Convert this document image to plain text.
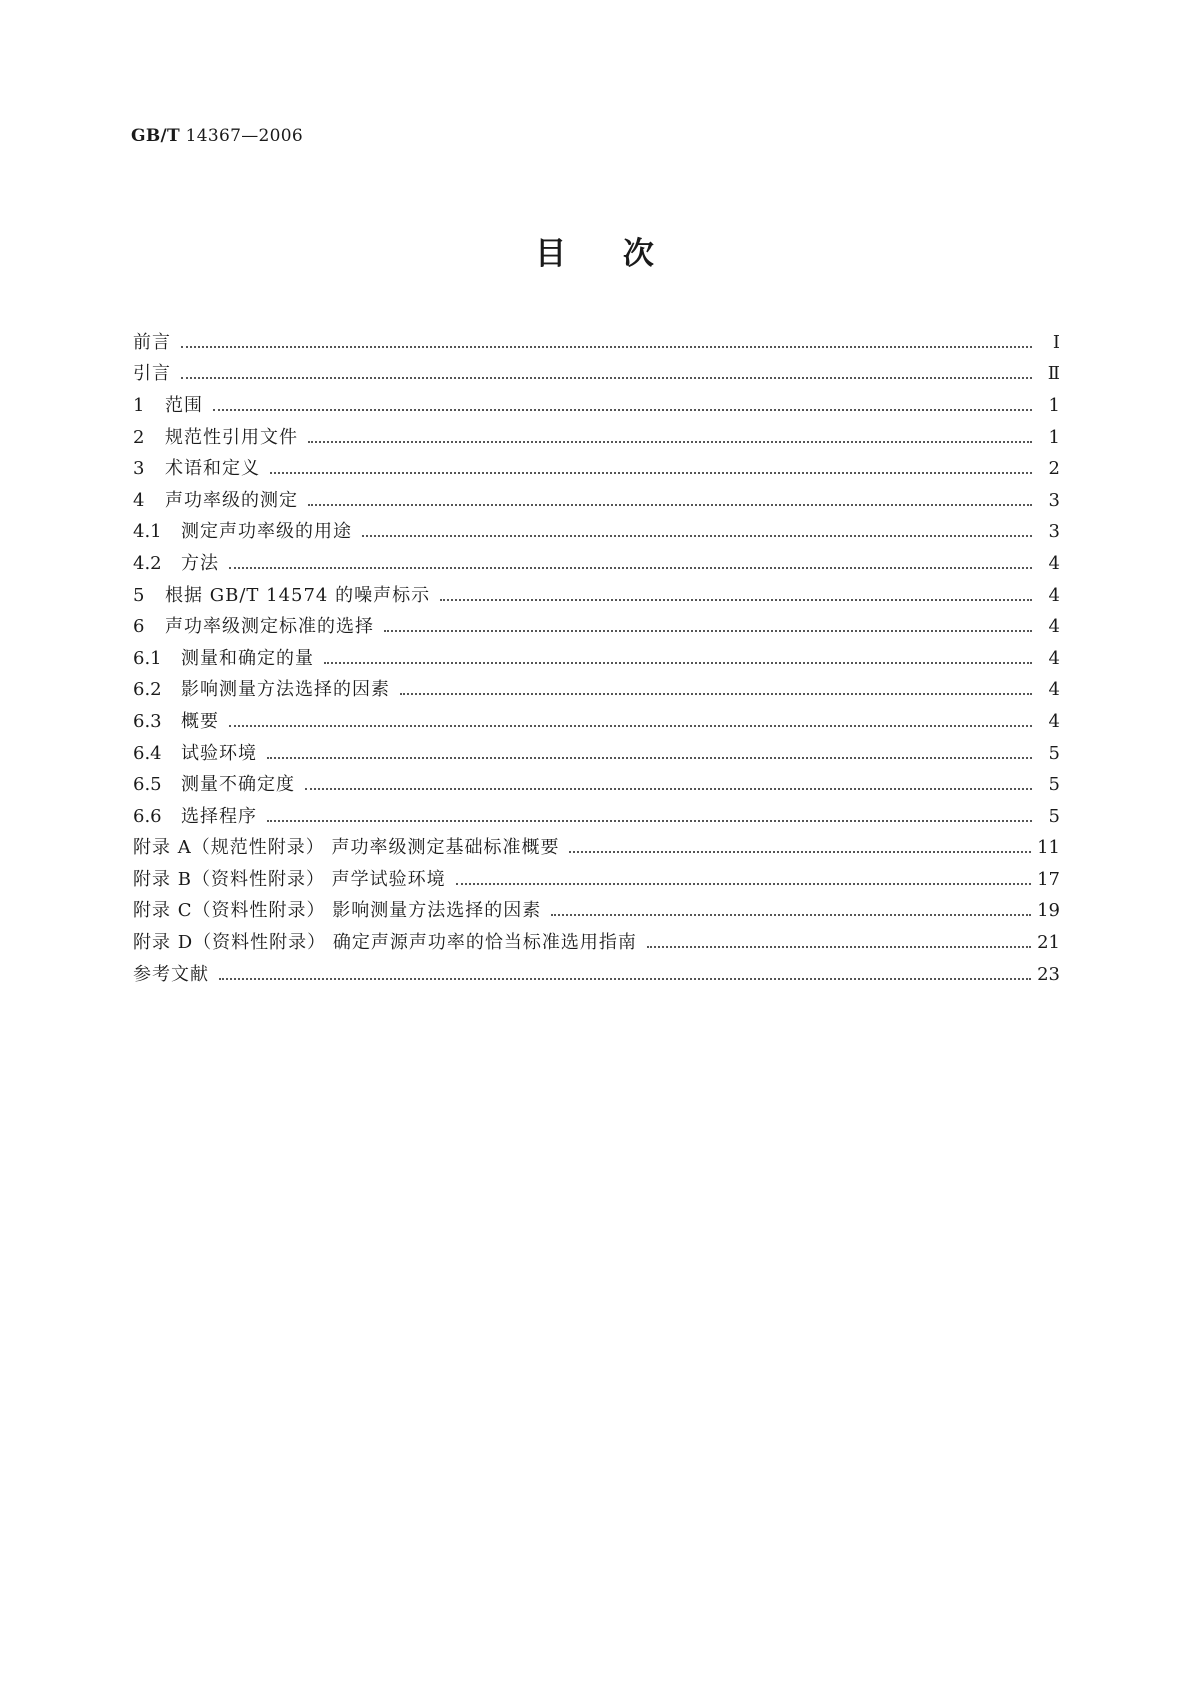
GB/T 14367—2006
目 次
前言	Ⅰ
引言	Ⅱ
1	范围	1
2	规范性引用文件	1
3	术语和定义	2
4	声功率级的测定	3
4.1	测定声功率级的用途	3
4.2	方法	4
5	根据 GB/T 14574 的噪声标示	4
6	声功率级测定标准的选择	4
6.1	测量和确定的量	4
6.2	影响测量方法选择的因素	4
6.3	概要	4
6.4	试验环境	5
6.5	测量不确定度	5
6.6	选择程序	5
附录 A（规范性附录） 声功率级测定基础标准概要	11
附录 B（资料性附录） 声学试验环境	17
附录 C（资料性附录） 影响测量方法选择的因素	19
附录 D（资料性附录） 确定声源声功率的恰当标准选用指南	21
参考文献	23
